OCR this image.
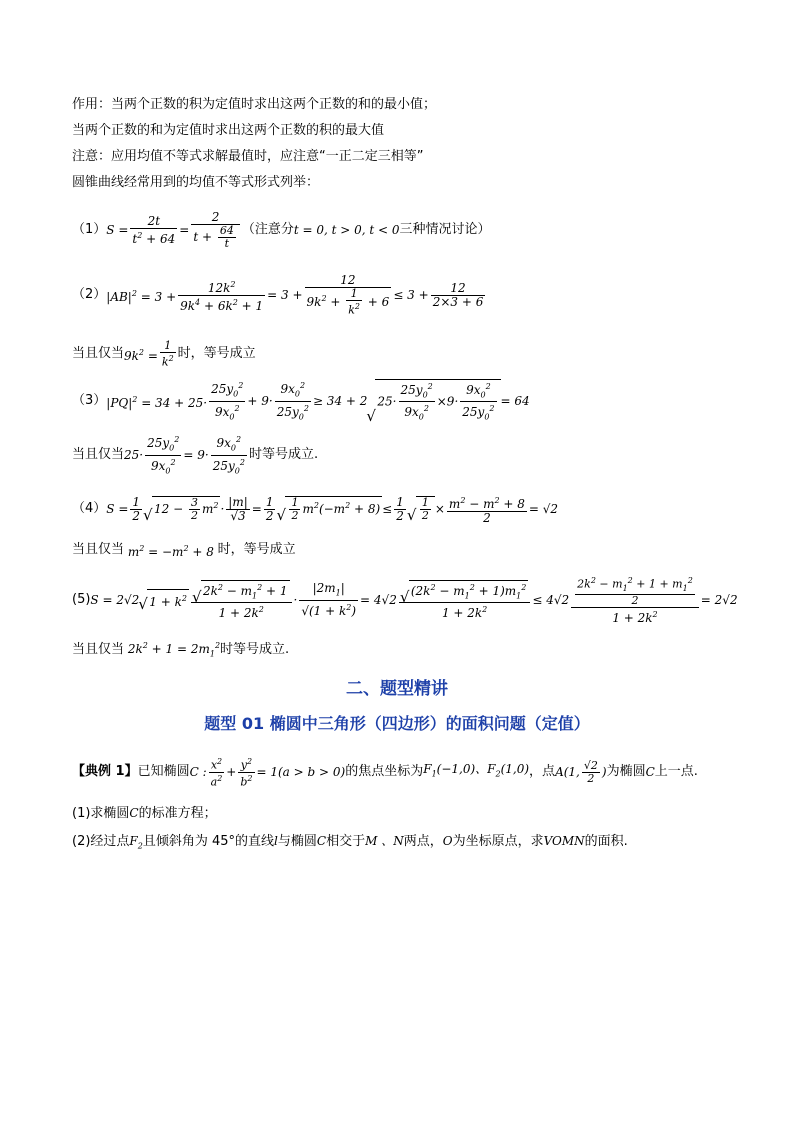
作用：当两个正数的积为定值时求出这两个正数的和的最小值；
当两个正数的和为定值时求出这两个正数的积的最大值
注意：应用均值不等式求解最值时，应注意“一正二定三相等”
圆锥曲线经常用到的均值不等式形式列举：
（1） $S = \frac{2t}{t^2 + 64} = \frac{2}{t + \frac{64}{t}}$ （注意分 t = 0, t > 0, t < 0 三种情况讨论）
（2） $|AB|^2 = 3 + \frac{12k^2}{9k^4 + 6k^2 + 1} = 3 + \frac{12}{9k^2 + \frac{1}{k^2} + 6} \le 3 + \frac{12}{2\times 3 + 6}$
当且仅当 $9k^2 = \frac{1}{k^2}$ 时，等号成立
（3） $|PQ|^2 = 34 + 25\cdot$
$25y_0^2$
$9x_0^2 + 9\cdot \frac{9x_0^2}{25y_0^2} \ge 34 + 2$ √ $25\cdot \frac{25y_0^2}{9x_0^2} \times 9\cdot \frac{9x_0^2}{25y_0^2} = 64$
当且仅当 $25\cdot \frac{25y_0^2}{9x_0^2} = 9\cdot$
$9x_0^2$
$25y_0^2$ 时等号成立.
（4） $S = \frac{1}{2}$ √ $12 - \frac{3}{2} m^2 \cdot \frac{|m|}{√3} = \frac{1}{2}$ √ $\frac{1}{2} m^2(-m^2 + 8) \le \frac{1}{2}$ √ $\frac{1}{2} \times \frac{m^2 - m^2 + 8}{2} = √2$
当且仅当 $m^2 = -m^2 + 8$ 时，等号成立
(5) S = 2√2 √ $1 + k^2$
√ $2k^2 - m_1^2 + 1$
$1 + 2k^2$
· $\frac{|2m_1|}{√(1 + k^2)} = 4√2$ √ $\frac{(2k^2 - m_1^2 + 1)m_1^2}{1 + 2k^2} \le 4√2 \frac{\frac{2k^2 - m_1^2 + 1 + m_1^2}{2}}{1 + 2k^2} = 2√2$
当且仅当 $2k^2 + 1 = 2m_1^2$ 时等号成立.
二、题型精讲
题型 01 椭圆中三角形（四边形）的面积问题（定值）
【典例 1】 已知椭圆 C : $x^2$
$a^2 + \frac{y^2}{b^2} = 1(a > b > 0)$ 的焦点坐标为 $F_1(-1,0)$、$F_2(1,0)$ ，点 A(1, √2
2 ) 为椭圆 C 上一点.
(1)求椭圆C的标准方程；
(2)经过点$F_2$且倾斜角为 45°的直线l与椭圆C相交于M 、N两点，O为坐标原点，求VOMN的面积.
